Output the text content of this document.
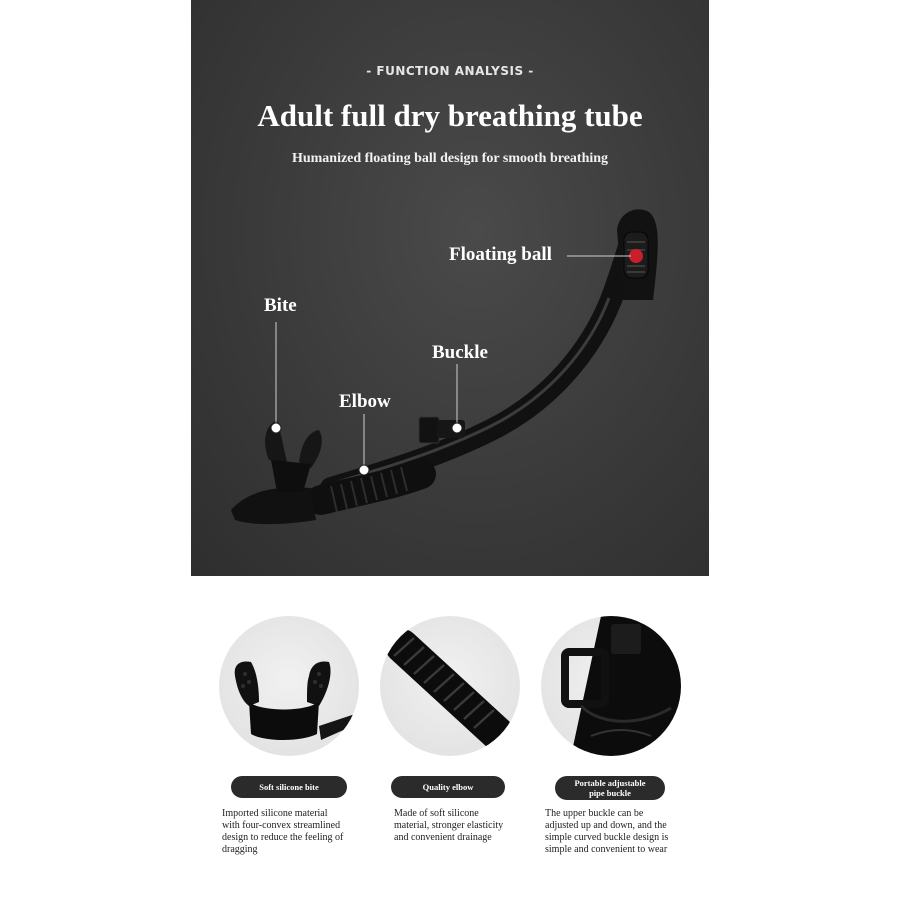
- FUNCTION ANALYSIS -
Adult full dry breathing tube
Humanized floating ball design for smooth breathing
Floating ball
Bite
Buckle
Elbow
Soft silicone bite
Imported silicone material
with four-convex streamlined
design to reduce the feeling of
dragging
Quality elbow
Made of soft silicone
material, stronger elasticity
and convenient drainage
Portable adjustable
pipe buckle
The upper buckle can be
adjusted up and down, and the
simple curved buckle design is
simple and convenient to wear
